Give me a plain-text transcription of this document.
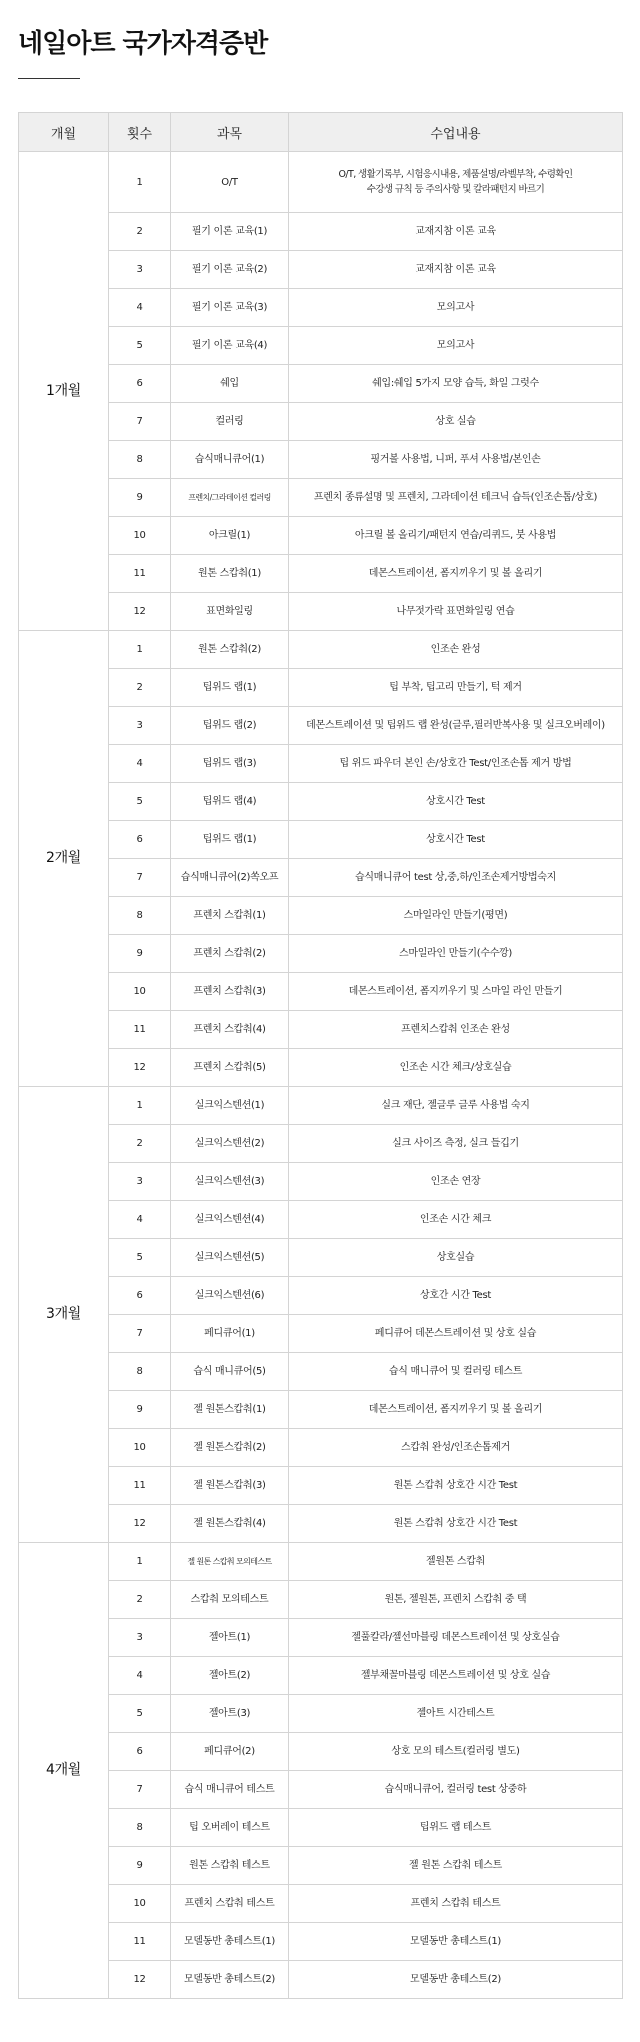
네일아트 국가자격증반
개월	횟수	과목	수업내용
1개월	1	O/T	O/T, 생활기록부, 시험응시내용, 제품설명/라벨부착, 수령확인
수강생 규칙 등 주의사항 및 칼라패턴지 바르기
	2	필기 이론 교육(1)	교재지참 이론 교육
	3	필기 이론 교육(2)	교재지참 이론 교육
	4	필기 이론 교육(3)	모의고사
	5	필기 이론 교육(4)	모의고사
	6	쉐입	쉐입:쉐입 5가지 모양 습득, 화일 그럿수
	7	컬러링	상호 실습
	8	습식매니큐어(1)	핑거볼 사용법, 니퍼, 푸셔 사용법/본인손
	9	프렌치/그라데이션 컬러링	프렌치 종류설명 및 프렌치, 그라데이션 테크닉 습득(인조손톱/상호)
	10	아크릴(1)	아크릴 볼 올리기/패턴지 연습/리퀴드, 붓 사용법
	11	원톤 스캅춰(1)	데몬스트레이션, 폼지끼우기 및 볼 올리기
	12	표면화일링	나무젓가락 표면화일링 연습
2개월	1	원톤 스캅춰(2)	인조손 완성
	2	팁위드 랩(1)	팁 부착, 팁고리 만들기, 턱 제거
	3	팁위드 랩(2)	데몬스트레이션 및 팁위드 랩 완성(글루,필러반복사용 및 실크오버레이)
	4	팁위드 랩(3)	팁 위드 파우더 본인 손/상호간 Test/인조손톱 제거 방법
	5	팁위드 랩(4)	상호시간 Test
	6	팁위드 랩(1)	상호시간 Test
	7	습식매니큐어(2)쏙오프	습식매니큐어 test 상,중,하/인조손제거방법숙지
	8	프렌치 스캅춰(1)	스마일라인 만들기(평면)
	9	프렌치 스캅춰(2)	스마일라인 만들기(수수깡)
	10	프렌치 스캅춰(3)	데몬스트레이션, 폼지끼우기 및 스마일 라인 만들기
	11	프렌치 스캅춰(4)	프렌치스캅춰 인조손 완성
	12	프렌치 스캅춰(5)	인조손 시간 체크/상호실습
3개월	1	실크익스텐션(1)	실크 재단, 젤글루 글루 사용법 숙지
	2	실크익스텐션(2)	실크 사이즈 측정, 실크 들깁기
	3	실크익스텐션(3)	인조손 연장
	4	실크익스텐션(4)	인조손 시간 체크
	5	실크익스텐션(5)	상호실습
	6	실크익스텐션(6)	상호간 시간 Test
	7	페디큐어(1)	페디큐어 데몬스트레이션 및 상호 실습
	8	습식 매니큐어(5)	습식 매니큐어 및 컬러링 테스트
	9	젤 원톤스캅춰(1)	데몬스트레이션, 폼지끼우기 및 볼 올리기
	10	젤 원톤스캅춰(2)	스캅춰 완성/인조손톱제거
	11	젤 원톤스캅춰(3)	원톤 스캅춰 상호간 시간 Test
	12	젤 원톤스캅춰(4)	원톤 스캅춰 상호간 시간 Test
4개월	1	젤 원톤 스캅춰 모의테스트	젤원톤 스캅춰
	2	스캅춰 모의테스트	원톤, 젤원톤, 프렌치 스캅춰 중 택
	3	젤아트(1)	젤풀칼라/젤선마블링 데몬스트레이션 및 상호실습
	4	젤아트(2)	젤부채꼴마블링 데몬스트레이션 및 상호 실습
	5	젤아트(3)	젤아트 시간테스트
	6	페디큐어(2)	상호 모의 테스트(컬러링 별도)
	7	습식 매니큐어 테스트	습식매니큐어, 컬러링 test 상중하
	8	팁 오버레이 테스트	팁위드 랩 테스트
	9	원톤 스캅춰 테스트	젤 원톤 스캅춰 테스트
	10	프렌치 스캅춰 테스트	프렌치 스캅춰 테스트
	11	모델동반 총테스트(1)	모델동반 총테스트(1)
	12	모델동반 총테스트(2)	모델동반 총테스트(2)
